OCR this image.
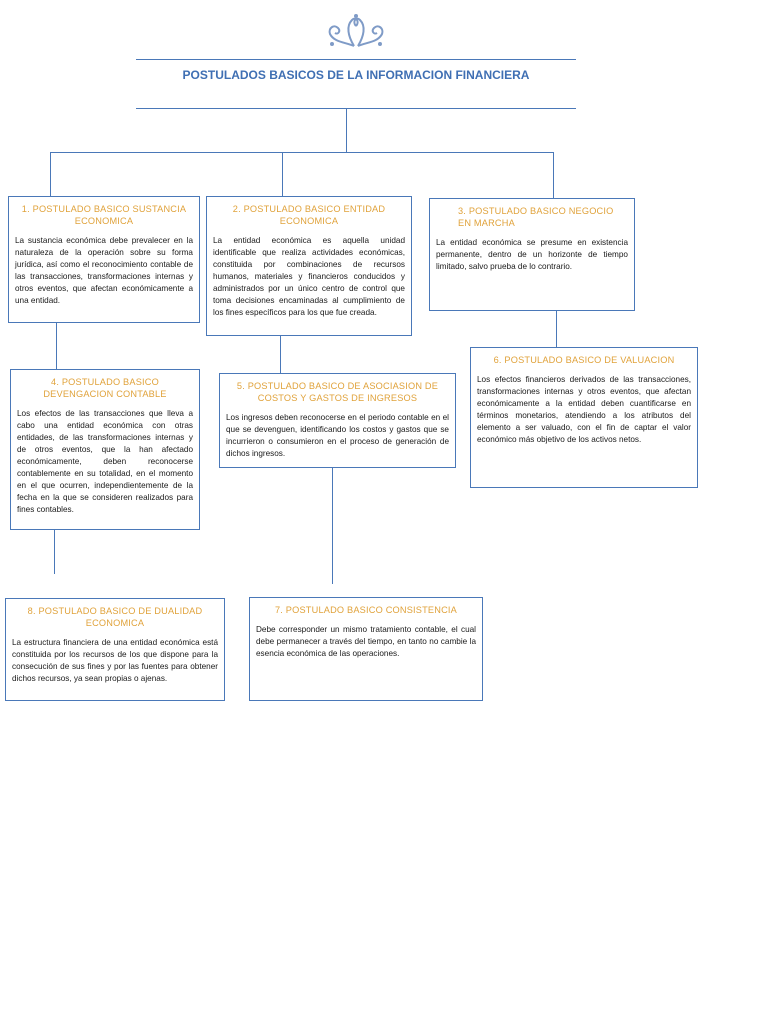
POSTULADOS BASICOS DE LA INFORMACION FINANCIERA
1. POSTULADO BASICO SUSTANCIA ECONOMICA
La sustancia económica debe prevalecer en la naturaleza de la operación sobre su forma jurídica, así como el reconocimiento contable de las transacciones, transformaciones internas y otros eventos, que afectan económicamente a una entidad.
2. POSTULADO BASICO ENTIDAD ECONOMICA
La entidad económica es aquella unidad identificable que realiza actividades económicas, constituida por combinaciones de recursos humanos, materiales y financieros conducidos y administrados por un único centro de control que toma decisiones encaminadas al cumplimiento de los fines específicos para los que fue creada.
3. POSTULADO BASICO NEGOCIO EN MARCHA
La entidad económica se presume en existencia permanente, dentro de un horizonte de tiempo limitado, salvo prueba de lo contrario.
4. POSTULADO BASICO DEVENGACION CONTABLE
Los efectos de las transacciones que lleva a cabo una entidad económica con otras entidades, de las transformaciones internas y de otros eventos, que la han afectado económicamente, deben reconocerse contablemente en su totalidad, en el momento en el que ocurren, independientemente de la fecha en la que se consideren realizados para fines contables.
5. POSTULADO BASICO DE ASOCIASION DE COSTOS Y GASTOS DE INGRESOS
Los ingresos deben reconocerse en el periodo contable en el que se devenguen, identificando los costos y gastos que se incurrieron o consumieron en el proceso de generación de dichos ingresos.
6. POSTULADO BASICO DE VALUACION
Los efectos financieros derivados de las transacciones, transformaciones internas y otros eventos, que afectan económicamente a la entidad deben cuantificarse en términos monetarios, atendiendo a los atributos del elemento a ser valuado, con el fin de captar el valor económico más objetivo de los activos netos.
7. POSTULADO BASICO CONSISTENCIA
Debe corresponder un mismo tratamiento contable, el cual debe permanecer a través del tiempo, en tanto no cambie la esencia económica de las operaciones.
8. POSTULADO BASICO DE DUALIDAD ECONOMICA
La estructura financiera de una entidad económica está constituida por los recursos de los que dispone para la consecución de sus fines y por las fuentes para obtener dichos recursos, ya sean propias o ajenas.
